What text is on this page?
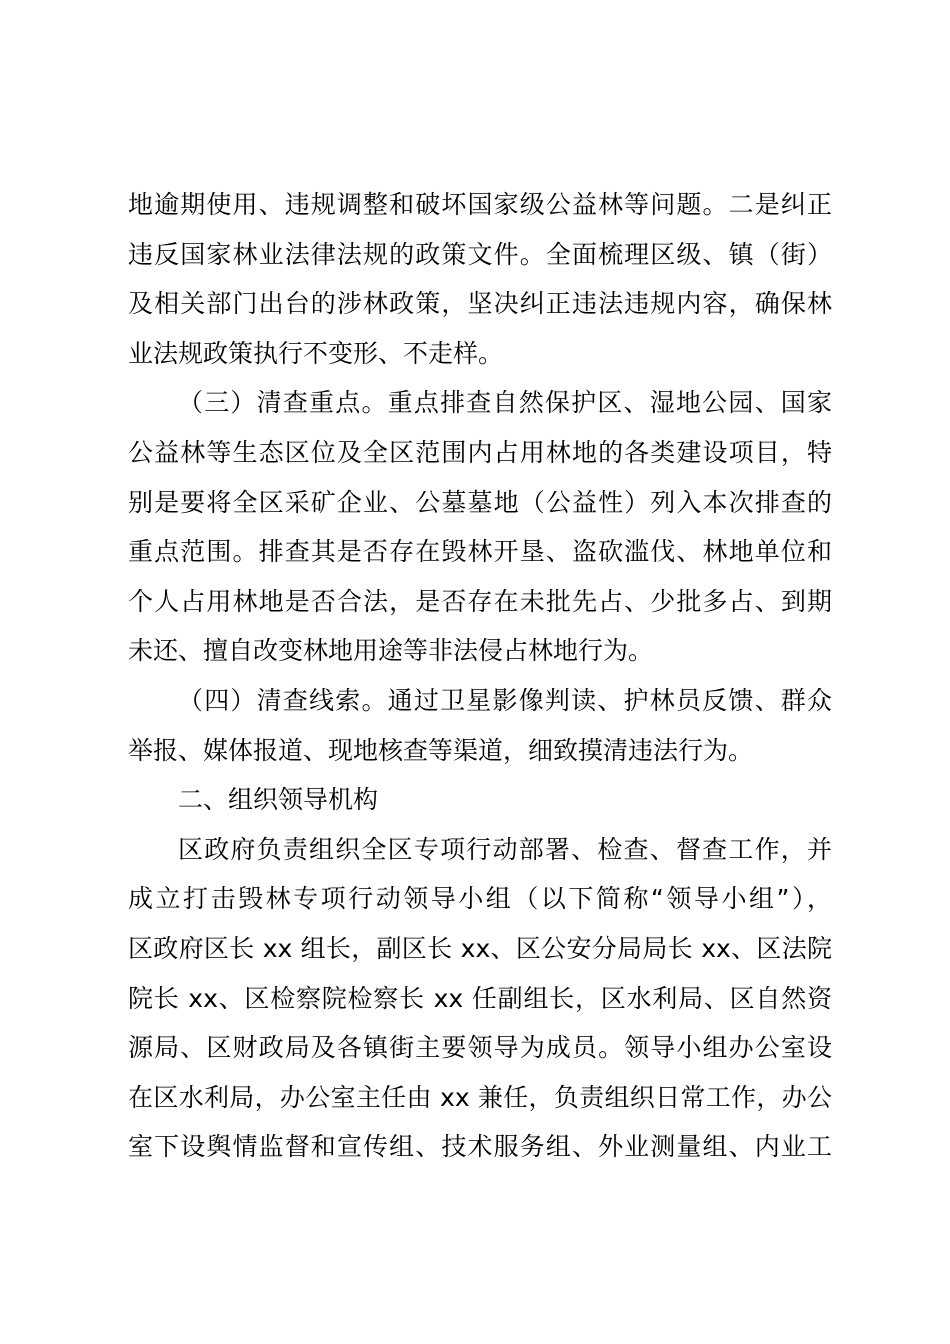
地逾期使用、违规调整和破坏国家级公益林等问题。二是纠正
违反国家林业法律法规的政策文件。全面梳理区级、镇（街）
及相关部门出台的涉林政策，坚决纠正违法违规内容，确保林
业法规政策执行不变形、不走样。
（三）清查重点。重点排查自然保护区、湿地公园、国家
公益林等生态区位及全区范围内占用林地的各类建设项目，特
别是要将全区采矿企业、公墓墓地（公益性）列入本次排查的
重点范围。排查其是否存在毁林开垦、盗砍滥伐、林地单位和
个人占用林地是否合法，是否存在未批先占、少批多占、到期
未还、擅自改变林地用途等非法侵占林地行为。
（四）清查线索。通过卫星影像判读、护林员反馈、群众
举报、媒体报道、现地核查等渠道，细致摸清违法行为。
二、组织领导机构
区政府负责组织全区专项行动部署、检查、督查工作，并
成立打击毁林专项行动领导小组（以下简称“领导小组”），
区政府区长 xx 组长，副区长 xx、区公安分局局长 xx、区法院
院长 xx、区检察院检察长 xx 任副组长，区水利局、区自然资
源局、区财政局及各镇街主要领导为成员。领导小组办公室设
在区水利局，办公室主任由 xx 兼任，负责组织日常工作，办公
室下设舆情监督和宣传组、技术服务组、外业测量组、内业工
